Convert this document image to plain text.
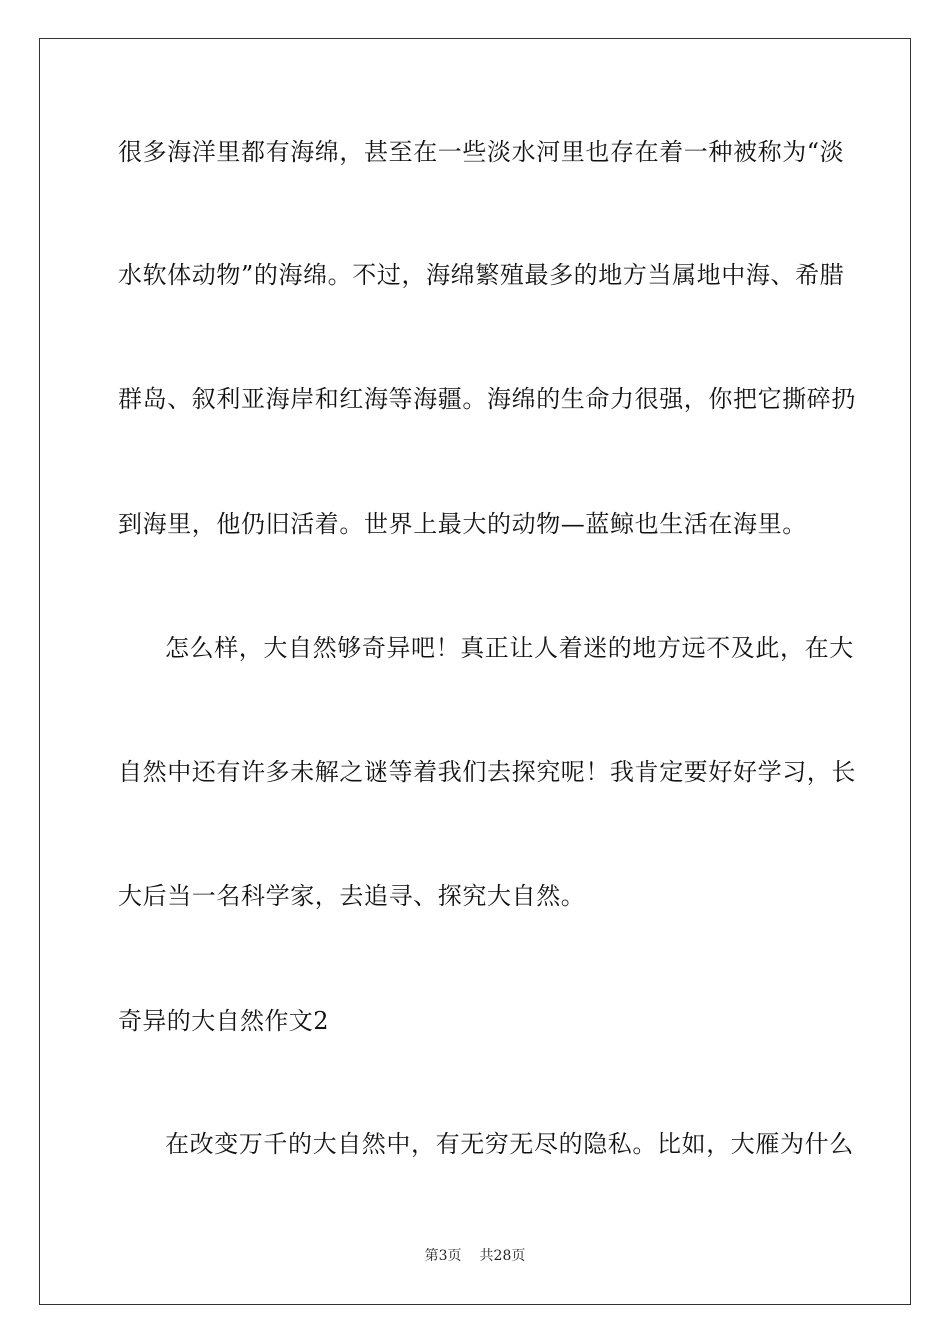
很多海洋里都有海绵，甚至在一些淡水河里也存在着一种被称为“淡
水软体动物”的海绵。不过，海绵繁殖最多的地方当属地中海、希腊
群岛、叙利亚海岸和红海等海疆。海绵的生命力很强，你把它撕碎扔
到海里，他仍旧活着。世界上最大的动物—蓝鲸也生活在海里。
怎么样，大自然够奇异吧！真正让人着迷的地方远不及此，在大
自然中还有许多未解之谜等着我们去探究呢！我肯定要好好学习，长
大后当一名科学家，去追寻、探究大自然。
奇异的大自然作文2
在改变万千的大自然中，有无穷无尽的隐私。比如，大雁为什么
第3页 共28页
